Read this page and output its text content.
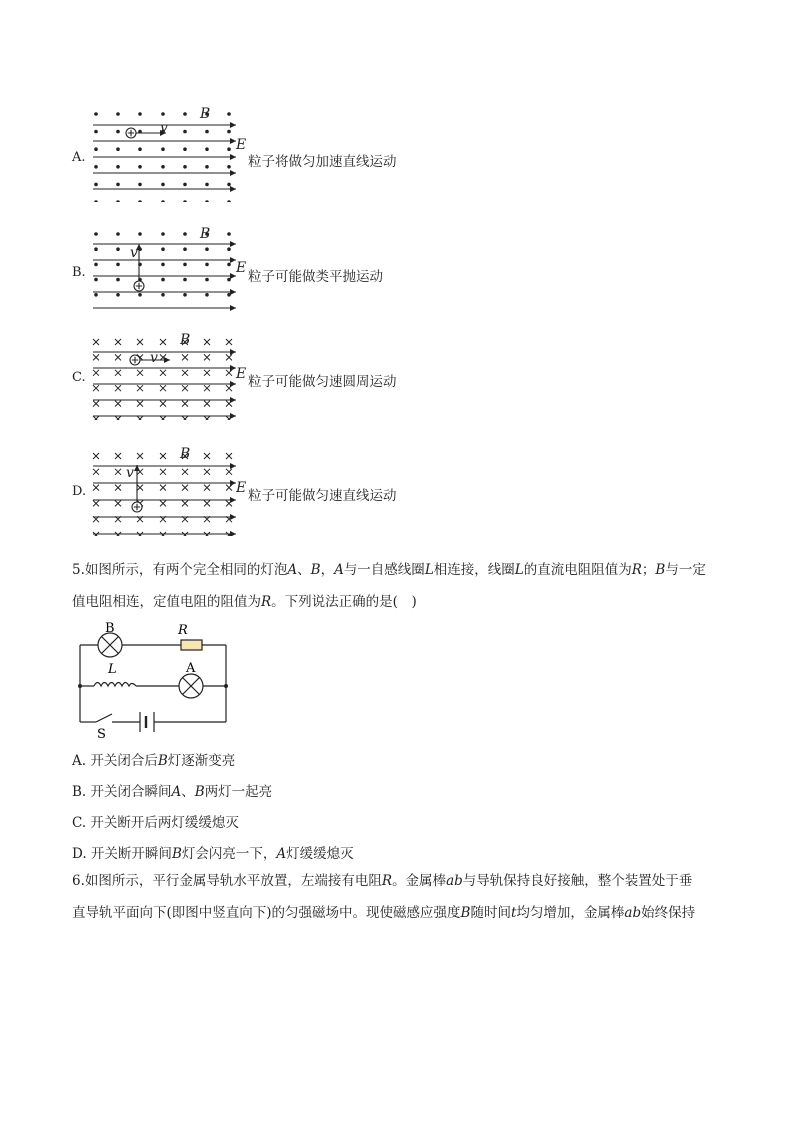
A.
B
E
v
粒子将做匀加速直线运动
B.
B
E
v
粒子可能做类平抛运动
C.
B
E
v
粒子可能做匀速圆周运动
D.
B
E
v
粒子可能做匀速直线运动
5.如图所示，有两个完全相同的灯泡A、B，A与一自感线圈L相连接，线圈L的直流电阻阻值为R；B与一定
值电阻相连，定值电阻的阻值为R。下列说法正确的是(　)
B	R
L	A
S
A. 开关闭合后B灯逐渐变亮
B. 开关闭合瞬间A、B两灯一起亮
C. 开关断开后两灯缓缓熄灭
D. 开关断开瞬间B灯会闪亮一下，A灯缓缓熄灭
6.如图所示，平行金属导轨水平放置，左端接有电阻R。金属棒ab与导轨保持良好接触，整个装置处于垂
直导轨平面向下(即图中竖直向下)的匀强磁场中。现使磁感应强度B随时间t均匀增加，金属棒ab始终保持
